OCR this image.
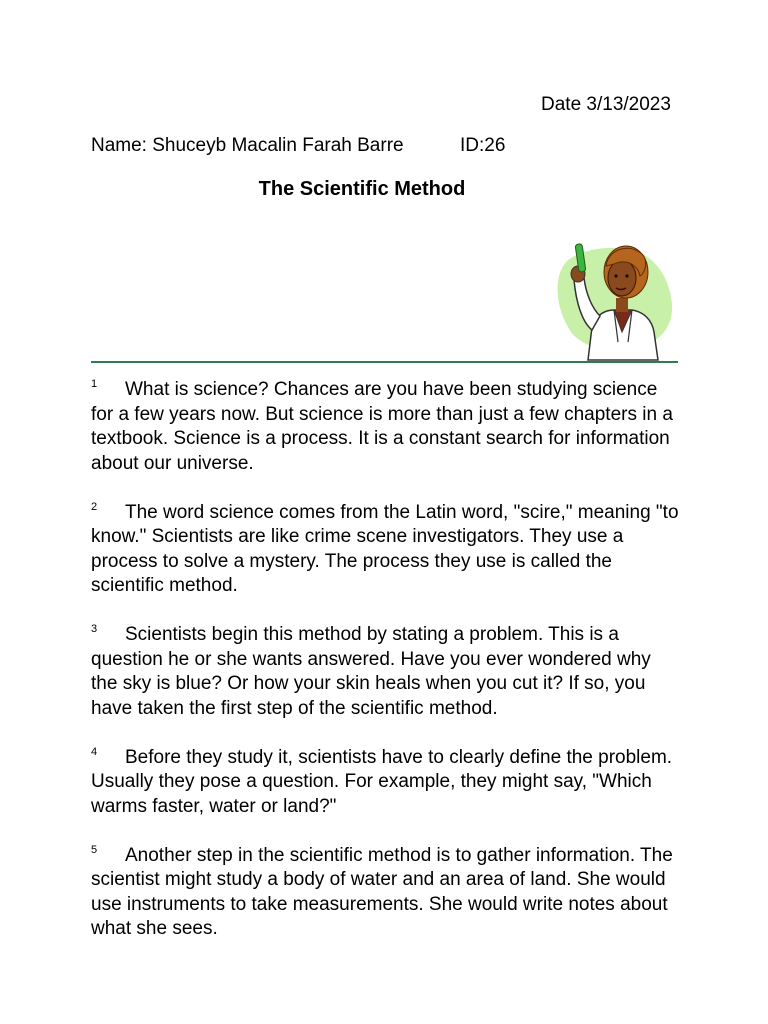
Date 3/13/2023
Name: Shuceyb Macalin Farah Barre	ID:26
The Scientific Method

1 What is science? Chances are you have been studying science for a few years now. But science is more than just a few chapters in a textbook. Science is a process. It is a constant search for information about our universe.

2 The word science comes from the Latin word, "scire," meaning "to know." Scientists are like crime scene investigators. They use a process to solve a mystery. The process they use is called the scientific method.

3 Scientists begin this method by stating a problem. This is a question he or she wants answered. Have you ever wondered why the sky is blue? Or how your skin heals when you cut it? If so, you have taken the first step of the scientific method.

4 Before they study it, scientists have to clearly define the problem. Usually they pose a question. For example, they might say, "Which warms faster, water or land?"

5 Another step in the scientific method is to gather information. The scientist might study a body of water and an area of land. She would use instruments to take measurements. She would write notes about what she sees.
